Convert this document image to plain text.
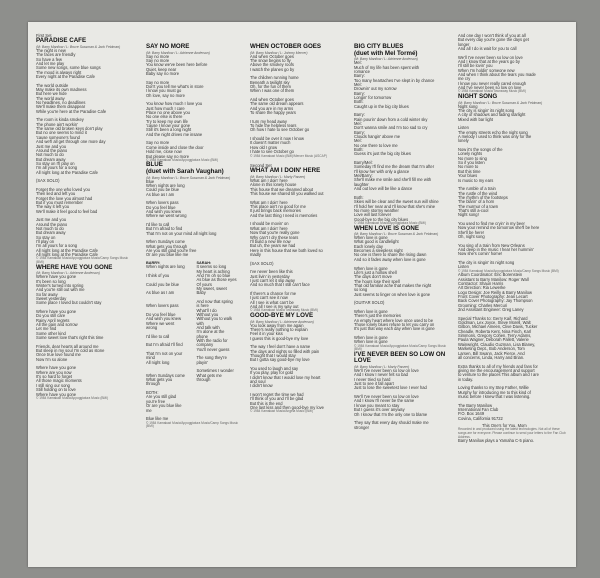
First Set

PARADISE CAFE

(M: Barry Manilow / L: Bruce Sussman & Jack Feldman)

The night is new
The faces are friendly
So have a few
And let me play
Some new songs, some blue songs
The mood is always right
Every night at the Paradise Cafe

The world outside
May make its own madness
But here we hide
The world away
No headlines, no deadlines
We'll make them disappear
While you're here at the Paradise Cafe

The room is kinda smokey
The phone ain't workin'
The same old broken keys don't play
But no one seems to mind it
'cause someone's found
And we'll all get through one more day
Just me and you
Around the piano
Not much to do
But dream away
So stay on I'll play on
I'm all yours for a song
All night long at the Paradise Cafe

(SAX SOLO)

Forget the one who loved you
Then lied and left you
Forget the love you almost had
But if you must remember
The way it left you
We'll make it feel good to feel bad

Just me and you
Around the piano
Not much to do
But dream away
So stay on
I'll play on
I'm all yours for a song
All night long at the Paradise Cafe
All night long at the Paradise Cafe

© 1984 Kamakazi Music/Appoggiatura Music/Camp Songs Music (BMI)

WHERE HAVE YOU GONE

(M: Barry Manilow / L: Adrienne Anderson)

Where have you gone
It's been so long
Winter's turned into spring
And you're still out with me
So far away
Sweet yesterday
Some place I loved but couldn't stay

Where have you gone
Do you still care
Rainy April regrets
All the pain and sorrow
Let me find
Some other kind
Some sweet love that's right this time

Friends, dear hearts all around me
But sleep in my soul I'm cold as stone
Once true love found me
Now I'm so alone

Where have you gone
Where are you now
It's so hard to forget
All those magic moments
I still sing our song
Still holding on to love
Where have you gone

© 1984 Kamakazi Music/Appoggiatura Music (BMI)

SAY NO MORE

(M: Barry Manilow / L: Adrienne Anderson)

Say no more
Say no more
You know we've been here before
Quiet, keep near
Baby say no more

Say no more
Don't you tell me what's in store
I know you must go
Oh love, say no more

You know how much I love you
Just how much I care
Place no one above you
No one else is there
Try to keep my own life
'cause I know your gone
Still it's been a long night
And the night drives me insane

Say no more
Come inside and close the door
Hold me, close now
But please say no more

© 1984 Kamakazi Music/Appoggiatura Music (BMI)

BLUE

(duet with Sarah Vaughan)

(M: Barry Manilow / L: Bruce Sussman & Jack Feldman)

Blue
When nights are long
Could you be blue
As blue as I am

When lovers pass
Do you feel blue
And wish you knew
Where we went wrong

I'd like to call
But I'm afraid to find
That I'm not on your mind all night long

When Sundays come
What gets you through
Are you still glad you're free
Or are you blue like me

BARRY:

When nights are long

I think of you

Could you be blue

As blue as I am

When lovers pass

Do you feel blue
And wish you knew
Where we went
wrong

I'd like to call

But I'm afraid I'll find

That I'm not on your
mind
All night long

When Sundays come
What gets you
through

BOTH:
Are you still glad
you're free
Or are you blue like
me

Blue like me

SARAH:

It seems so long
My heart is aching
And I'm oh so blue
As blue as those eyes
Of yours
My sweet, sweet
Baby

And now that spring
is here
What'll I do
Without you
Without you to walk
with
And talk with
I'm alone at the
phone
With the radio for
company
You'll never guess

The song they're
playin'

Sometimes I wonder
What gets me
through

© 1984 Kamakazi Music/Appoggiatura Music/Camp Songs Music (BMI)

WHEN OCTOBER GOES

(M: Barry Manilow / L: Johnny Mercer)

And when October goes
The snow begins to fly
Above the smokey roofs
I watch the planes go by

The children running home
Beneath a twilight sky
Oh, for the fun of them
When I was one of them

And when October goes
The same old dream appears
And you are in my arms
To share the happy years

I turn my head away
To hide the helpless tears
Oh how I hate to see October go

I should be over it now I know
It doesn't matter much
How old I grow
I hate to see October go

© 1984 Kamakazi Music (BMI)/Mercer Music (ASCAP)

Second Set

WHAT AM I DOIN' HERE

(M: Barry Manilow / L: Marty Panzer)

What am I doin' here
Alone in this lonely house
This house that we dreamed about
This house we shared till you walked out

What am I doin' here
This place ain't no good for me
It just brings back memories
And the last thing I need is memories

I should be movin' on
What am I doin' here
Now that you're really gone
Why can't I dry these tears
I'll build a new life now
But uh, the years we had
Here in this house that we both loved so
madly

(SAX SOLO)

I've never been like this
Just livin' in yesterday
I just can't let it slip away
And so much that I still can't face

If there's a chance for me
I just can't see it now
All I see is what can't be
And all I see is my way out

© 1984 Kamakazi Music/Townsway Music (BMI)

GOOD-BYE MY LOVE

(M: Barry Manilow / L: Adrienne Anderson)

You look away from me again
There's really nothing to explain
Feel it in your kiss
I guess this is good-bye my love

The way I feel don't have a name
The days and nights so filled with pain
Thought that I would stay
But I gotta say good-bye my love

You used to laugh and say
If you play, play for gold
I didn't know that I would lose my heart
and soul
I didn't know

I won't regret the time we had
I'll think of you and I'll be glad
But this is the end
One last kiss and then good-bye my love

© 1984 Kamakazi Music/Angela Music (BMI)

BIG CITY BLUES

(duet with Mel Tormé)

(M: Barry Manilow / L: Adrienne Anderson)

Mel:
Much of my life has been spent with
romance
Barry:
Too many heartaches I've slept in by chance
Mel:
Drownin' out my sorrow
Barry:
Longin' for tomorrow
Both:
Caught up in the big city blues

Barry:
Rain pourin' down from a cold winter sky
Mel:
Don't wanna smile and I'm too sad to cry
Barry:
Clouds hangin' above me
Mel:
No one there to love me
Both:
Guess it's just the big city blues

Barry/Mel:
Someday I'll find me the dream that I'm after
I'll know her with only a glance
Mel/Barry:
She'll make me smile and she'll fill me with
laughter
And out love will be like a dance

Both:
Skies will be clear and the sweet sun will shine
I'll hold her near and I'll know that she's mine
No more stormy weather
Love will last forever
Good-bye to the big city blues

© 1984 Kamakazi Music/Appoggiatura Music (BMI)

WHEN LOVE IS GONE

(M: Barry Manilow / L: Bruce Sussman & Jack Feldman)

When love is gone
What good is candlelight
Each lonely day
Becomes a sleepless night
No one is there to share the rising dawn
And so it fades away when love is gone

When love is gone
Life's just a hollow shell
The days don't move
The hours lose their spell
That old familiar ache that makes the night
so long
Just seems to linger on when love is gone

(GUITAR SOLO)

When love is gone
There's just the memories
An empty heart where love once used to be
Those lonely blues refuse to let you carry on
It's just that way each day when love is gone

When love is gone
When love is gone

© 1984 Kamakazi Music/Appoggiatura Music/Camp Songs Music (BMI)

I'VE NEVER BEEN SO LOW ON LOVE

(M: Barry Manilow / L: Marty Panzer)

We'll I've never been so low on love
And I know I never felt so bad
I never tried so hard
Just to see it fall apart
Just to lose the sweetest love I ever had

We'll I've never been so low on love
And I know I'll never be the same
I know you meant to stay
But I guess it's over anyway
Oh I know that I'm the only one to blame

They say that every day should make me
stronger

And one day I won't think of you at all
But every day you're gone the days get
longer
And all I do is wait for you to call

We'll I've never been so low on love
And I know that at the years go by
I'll still be lovin' you
When I'm holdin' someone new
And when I think about the tears you made
me cry
I know you never really cared enough
And I've never been so low on love

© 1984 Kamakazi Music/Townsway Music (BMI)

NIGHT SONG

(M: Barry Manilow / L: Bruce Sussman & Jack Feldman)

Night song
The city is singin' its night song
A city of shadows and fading starlight
Mixed with bar light

Listen
The empty streets echo the night song
A melody I used to think was only for the
lonely

Now it's the songs of the
Lonely nights
No more to sing
So if you listen
No more to
But this time
Your blues
Is music to my ears

The rumble of a train
The rustle of the wind
The rhythm of the footsteps
The blarin' of a horn
The murmur of a town
That's still a-cool
Night song!

You used to find me cryin' in my beer
Now your remind me tomorrow she'll be here
She'll be here!
Oh, night song

You sing of a train from New Orleans
And deep in the music I hear her hummin'
Now she's comin' home!

The city is singin' its night song
Listen

© 1984 Kamakazi Music/Appoggiatura Music/Camp Songs Music (BMI)

Album Coordinator: Eric Borenstein
Assistant to Barry Manilow: Roger Wall
Contractor: Shaun Harris
Art Direction: Ria Lewerke
Logo Design: Joe Reilly & Barry Manilow
Front Cover Photography: Jean Lecart
Back Cover Photography: Jay Thompson
Grooming: Charles Mercuri
2nd Assistant Engineer: Greg Laney

Special Thanks to: Gerry Kaif, Richard
Goldman, Lex Joyce, Steve Morell, Walt
Gilbon, Michael Ameen, Clive Davis, Tucker
Cheadle, Roberta Kent, Nina Finch, Karl
Simmons, Gregory Cohen, Terry Adams,
Paula Wagner, Deborah Pallett, Valerie
Wainwright, Claudio Guzman, Lisa Blaney,
Marketing Dept., Bob Anderson, Tom
Larsen, Bill Swann, Jack Pierce, And
all concerns, Linda, Harry and Brian.

Extra thanks to all of my friends and fans for
giving me the encouragement and support
to venture to the places This album and I are
in today.

Loving thanks to my Step Father, Willie
Murphy for introducing me to this kind of
music before I knew that I was listening.

The Barry Manilow
International Fan Club
P.O. Box 1649
Covina, California 91722

This One's for You, Mom

Recorded in and produced using the latest technologies. Not all of these songs are for everyone. Please continue to send your letters to the Fan Club Address.

Barry Manilow plays a Yamaha C-5 piano.
